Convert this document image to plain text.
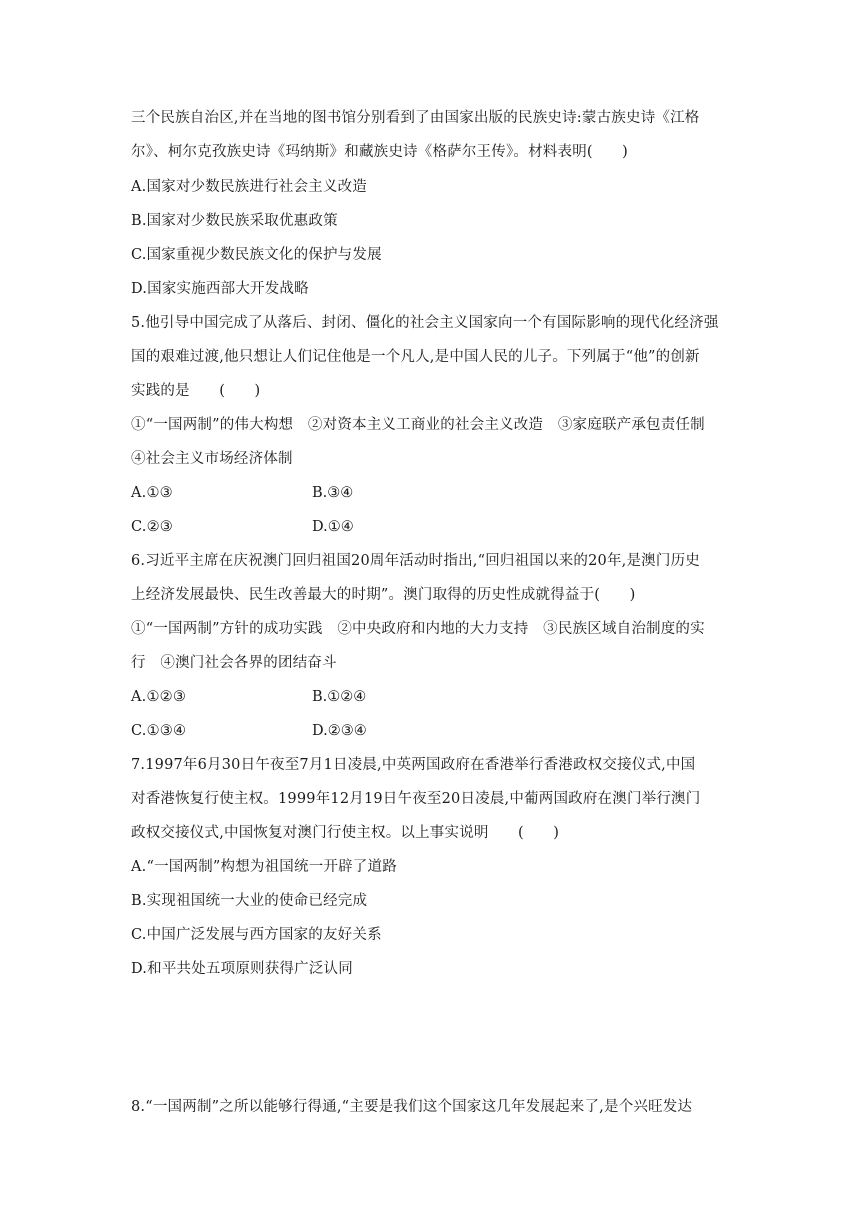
三个民族自治区,并在当地的图书馆分别看到了由国家出版的民族史诗:蒙古族史诗《江格
尔》、柯尔克孜族史诗《玛纳斯》和藏族史诗《格萨尔王传》。材料表明(　　)
A.国家对少数民族进行社会主义改造
B.国家对少数民族采取优惠政策
C.国家重视少数民族文化的保护与发展
D.国家实施西部大开发战略
5.他引导中国完成了从落后、封闭、僵化的社会主义国家向一个有国际影响的现代化经济强
国的艰难过渡,他只想让人们记住他是一个凡人,是中国人民的儿子。下列属于“他”的创新
实践的是　　(　　)
①“一国两制”的伟大构想　②对资本主义工商业的社会主义改造　③家庭联产承包责任制
④社会主义市场经济体制
A.①③	B.③④
C.②③	D.①④
6.习近平主席在庆祝澳门回归祖国20周年活动时指出,“回归祖国以来的20年,是澳门历史
上经济发展最快、民生改善最大的时期”。澳门取得的历史性成就得益于(　　)
①“一国两制”方针的成功实践　②中央政府和内地的大力支持　③民族区域自治制度的实
行　④澳门社会各界的团结奋斗
A.①②③	B.①②④
C.①③④	D.②③④
7.1997年6月30日午夜至7月1日凌晨,中英两国政府在香港举行香港政权交接仪式,中国
对香港恢复行使主权。1999年12月19日午夜至20日凌晨,中葡两国政府在澳门举行澳门
政权交接仪式,中国恢复对澳门行使主权。以上事实说明　　(　　)
A.“一国两制”构想为祖国统一开辟了道路
B.实现祖国统一大业的使命已经完成
C.中国广泛发展与西方国家的友好关系
D.和平共处五项原则获得广泛认同
8.“一国两制”之所以能够行得通,“主要是我们这个国家这几年发展起来了,是个兴旺发达
